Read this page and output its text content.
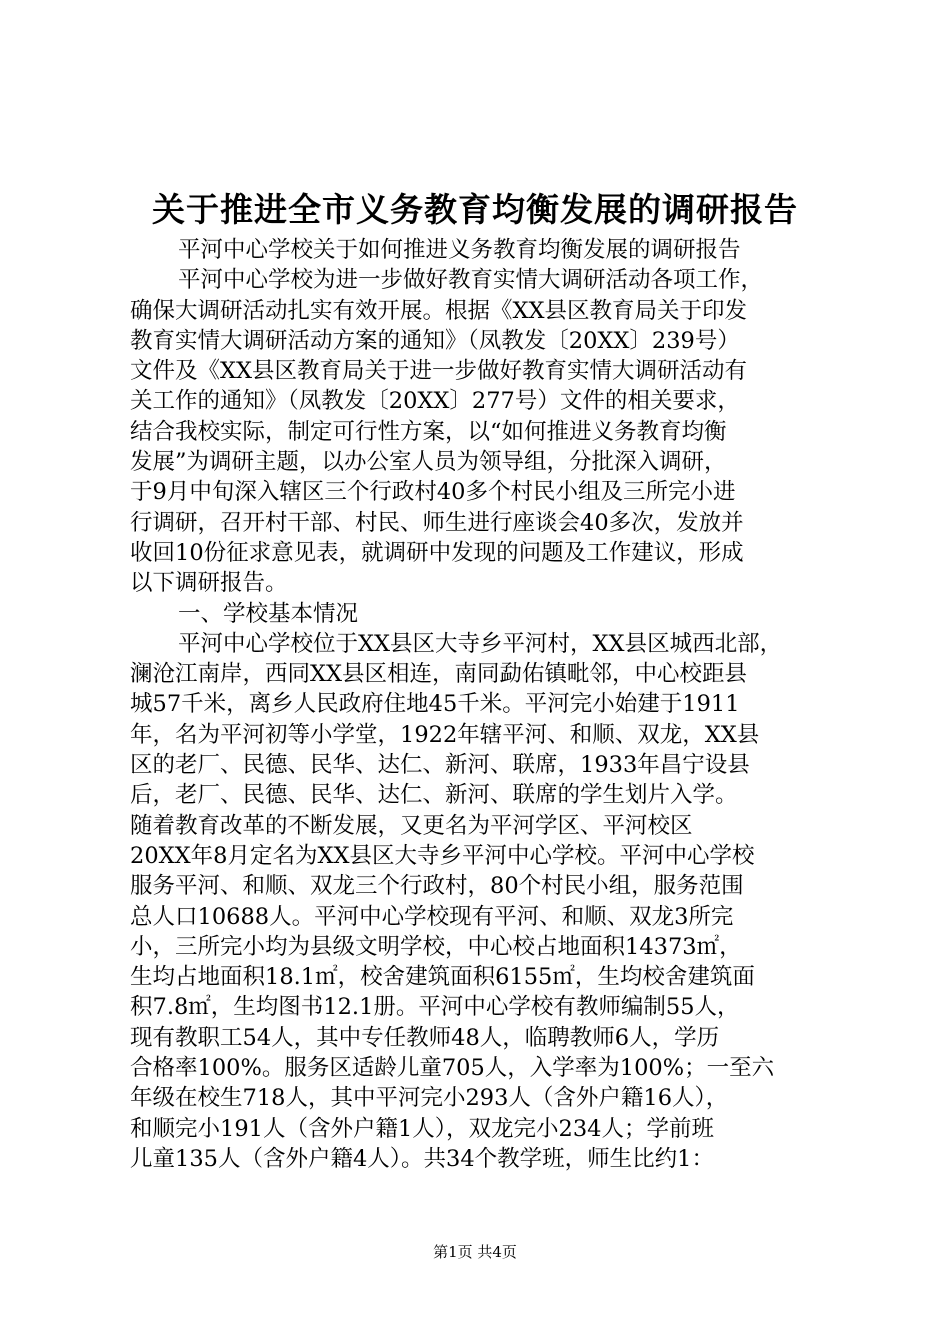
关于推进全市义务教育均衡发展的调研报告
平河中心学校关于如何推进义务教育均衡发展的调研报告
平河中心学校为进一步做好教育实情大调研活动各项工作，
确保大调研活动扎实有效开展。根据《XX县区教育局关于印发
教育实情大调研活动方案的通知》（凤教发〔20XX〕239号）
文件及《XX县区教育局关于进一步做好教育实情大调研活动有
关工作的通知》（凤教发〔20XX〕277号）文件的相关要求，
结合我校实际，制定可行性方案，以“如何推进义务教育均衡
发展”为调研主题，以办公室人员为领导组，分批深入调研，
于9月中旬深入辖区三个行政村40多个村民小组及三所完小进
行调研，召开村干部、村民、师生进行座谈会40多次，发放并
收回10份征求意见表，就调研中发现的问题及工作建议，形成
以下调研报告。
一、学校基本情况
平河中心学校位于XX县区大寺乡平河村，XX县区城西北部，
澜沧江南岸，西同XX县区相连，南同勐佑镇毗邻，中心校距县
城57千米，离乡人民政府住地45千米。平河完小始建于1911
年，名为平河初等小学堂，1922年辖平河、和顺、双龙，XX县
区的老厂、民德、民华、达仁、新河、联席，1933年昌宁设县
后，老厂、民德、民华、达仁、新河、联席的学生划片入学。
随着教育改革的不断发展，又更名为平河学区、平河校区
20XX年8月定名为XX县区大寺乡平河中心学校。平河中心学校
服务平河、和顺、双龙三个行政村，80个村民小组，服务范围
总人口10688人。平河中心学校现有平河、和顺、双龙3所完
小，三所完小均为县级文明学校，中心校占地面积14373㎡，
生均占地面积18.1㎡，校舍建筑面积6155㎡，生均校舍建筑面
积7.8㎡，生均图书12.1册。平河中心学校有教师编制55人，
现有教职工54人，其中专任教师48人，临聘教师6人，学历
合格率100%。服务区适龄儿童705人，入学率为100%；一至六
年级在校生718人，其中平河完小293人（含外户籍16人），
和顺完小191人（含外户籍1人），双龙完小234人；学前班
儿童135人（含外户籍4人）。共34个教学班，师生比约1：
第1页 共4页
